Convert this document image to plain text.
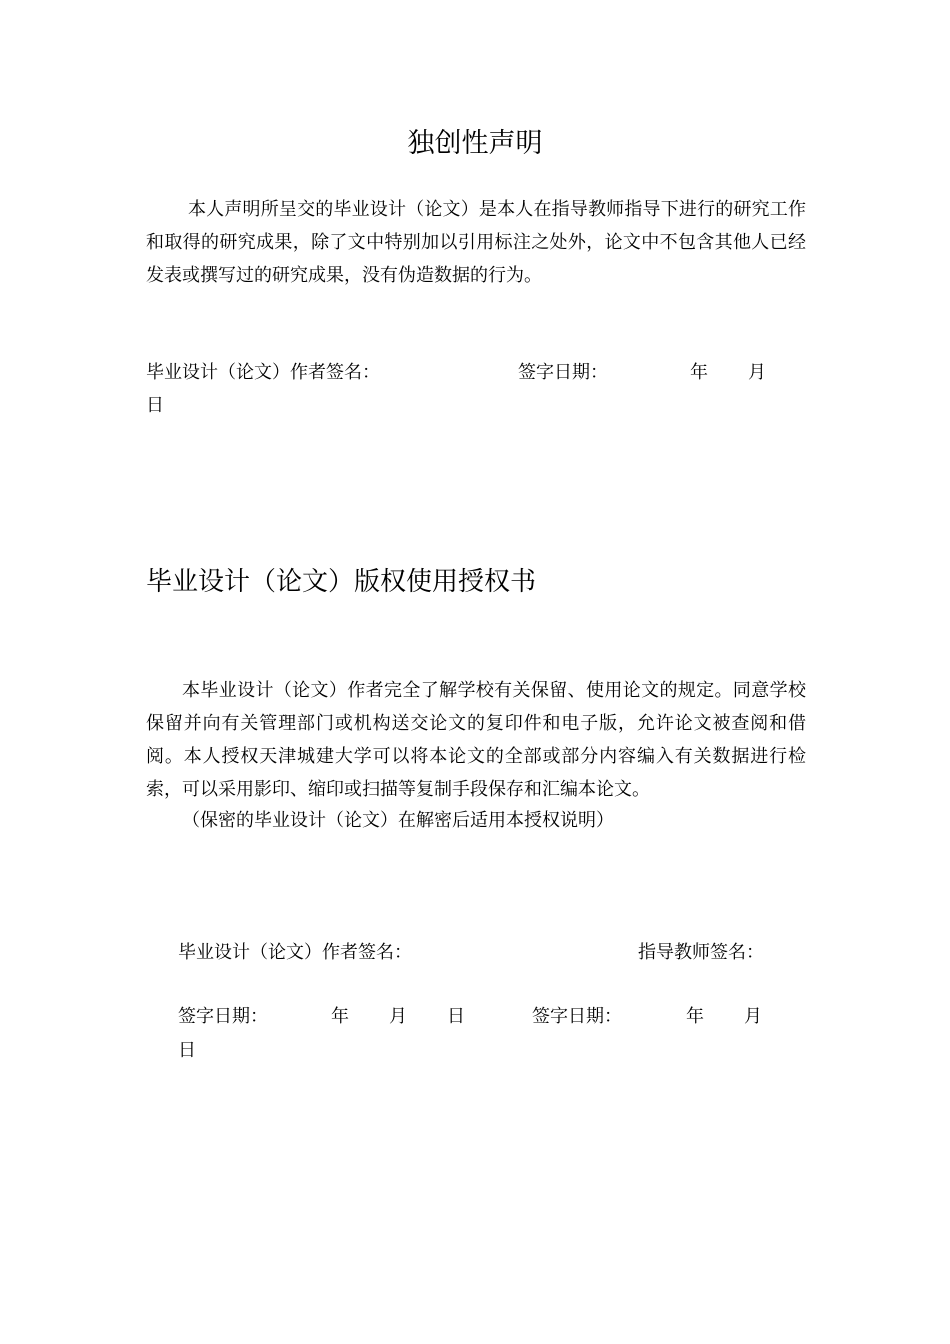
独创性声明
本人声明所呈交的毕业设计（论文）是本人在指导教师指导下进行的研究工作和取得的研究成果，除了文中特别加以引用标注之处外，论文中不包含其他人已经发表或撰写过的研究成果，没有伪造数据的行为。
毕业设计（论文）作者签名：	签字日期：	年 月
日
毕业设计（论文）版权使用授权书
本毕业设计（论文）作者完全了解学校有关保留、使用论文的规定。同意学校保留并向有关管理部门或机构送交论文的复印件和电子版，允许论文被查阅和借阅。本人授权天津城建大学可以将本论文的全部或部分内容编入有关数据进行检索，可以采用影印、缩印或扫描等复制手段保存和汇编本论文。
（保密的毕业设计（论文）在解密后适用本授权说明）
毕业设计（论文）作者签名：	指导教师签名：
签字日期：	年 月 日	签字日期：	年 月
日
